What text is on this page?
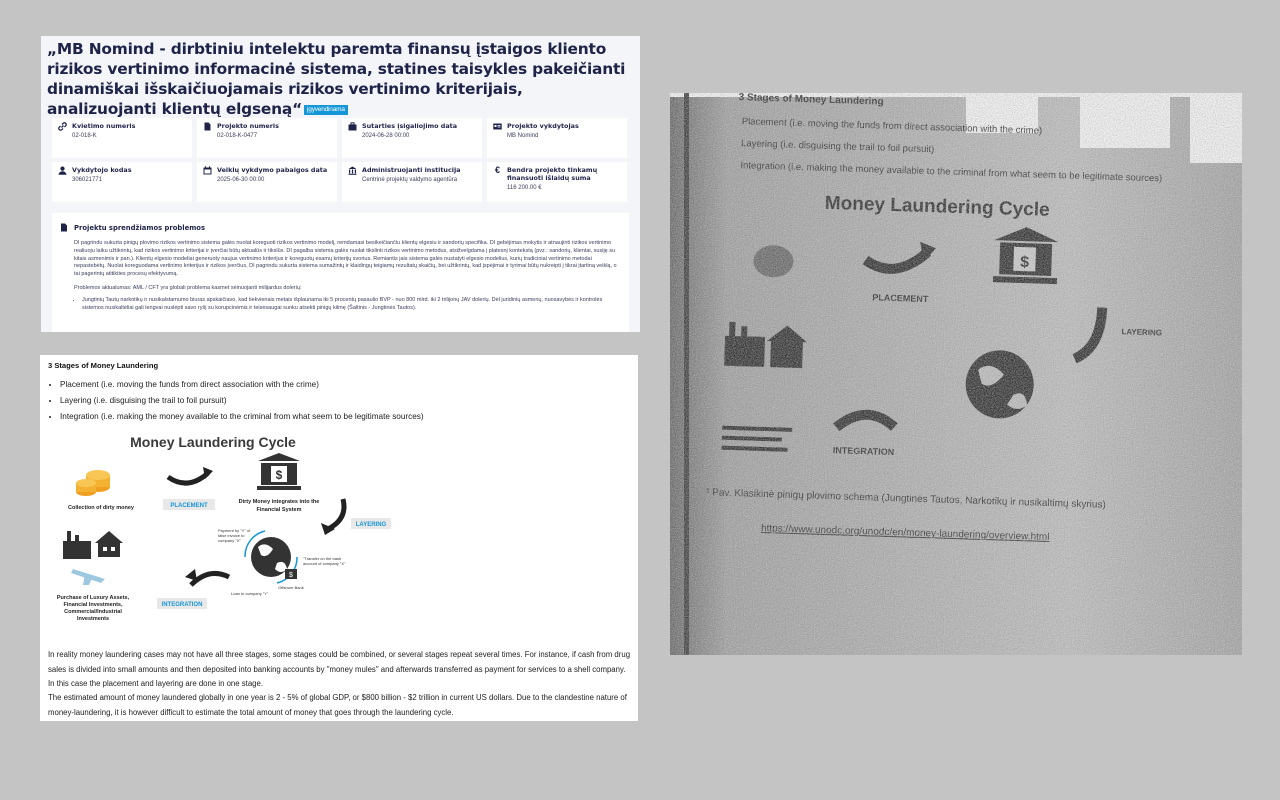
„MB Nomind - dirbtiniu intelektu paremta finansų įstaigos kliento rizikos vertinimo informacinė sistema, statines taisykles pakeičianti dinamiškai išskaičiuojamais rizikos vertinimo kriterijais, analizuojanti klientų elgseną“ įgyvendinama
Kvietimo numeris
02-018-K
Projekto numeris
02-018-K-0477
Sutarties įsigaliojimo data
2024-06-28 00:00
Projekto vykdytojas
MB Nomind
Vykdytojo kodas
306021771
Veiklų vykdymo pabaigos data
2025-06-30 00:00
Administruojanti institucija
Centrinė projektų valdymo agentūra
€	Bendra projekto tinkamų finansuoti išlaidų suma
116 200.00 €
Projektu sprendžiamos problemos

DI pagrindu sukurta pinigų plovimo rizikos vertinimo sistema galės nuolat koreguoti rizikos vertinimo modelį, remdamasi besikeičiančiu klientų elgesiu ir sandorių specifika. DI gebėjimas mokytis ir atnaujinti rizikos vertinimo realiuoju laiku užtikrintų, kad rizikos vertinimo kriterijai ir įverčiai būtų aktualūs ir tikslūs. DI pagalba sistema galės nuolat tikslinti rizikos vertinimo metodus, atsižvelgdama į platesnį kontekstą (pvz.: sandorių, klientai, susiję su kitais asmenimis ir pan.). Klientų elgesio modeliai generuoty naujus vertinimo kriterijus ir koreguotų esamų kriterijų svorius. Remiantis jais sistema galės nustatyti elgesio modelius, kurių tradiciniai vertinimo metodai nepastebėtų. Nuolat koreguodama vertinimo kriterijus ir rizikos įverčius, DI pagrindu sukurta sistema sumažintų ir klaidingų teigiamų rezultatų skaičių, bei užtikrintų, kad įspėjimai ir tyrimai būtų nukreipti į tikrai įtartiną veiklą, o tai pagerintų atitikties procesų efektyvumą.

Problemos aktualumas: AML / CFT yra globali problema kasmet sėinuojanti milijardus dolerių:

• Jungtinių Tautų narkotikų ir nusikalstamumo biuras apskaičiavo, kad tiekvienais metais išplaunama iki 5 procentų pasaulio BVP - nuo 800 mlrd. iki 2 trilijonų JAV dolerių. Dėl juridinių asmenų, nuosavybės ir kontrolės sistemos nusikaltėliai gali lengvai nuslėpti savo ryšį su korupcinėmis ir teisėsaugai sunku atsekti pinigų kilmę (Šaltinis - Jungtinės Tautos).
3 Stages of Money Laundering
• Placement (i.e. moving the funds from direct association with the crime)
• Layering (i.e. disguising the trail to foil pursuit)
• Integration (i.e. making the money available to the criminal from what seem to be legitimate sources)
Money Laundering Cycle
Collection of dirty money	PLACEMENT
$
Dirty Money integrates into the
Financial System
LAYERING
$
Payment by "Y" of
false invoice to
company "X"
"Transfer on the bank
account of company "X"
Loan to company "Y"
Offshore Bank
INTEGRATION
Purchase of Luxury Assets,
Financial Investments,
Commercial/Industrial
Investments

In reality money laundering cases may not have all three stages, some stages could be combined, or several stages repeat several times. For instance, if cash from drug sales is divided into small amounts and then deposited into banking accounts by "money mules" and afterwards transferred as payment for services to a shell company. In this case the placement and layering are done in one stage.

The estimated amount of money laundered globally in one year is 2 - 5% of global GDP, or $800 billion - $2 trillion in current US dollars. Due to the clandestine nature of money-laundering, it is however difficult to estimate the total amount of money that goes through the laundering cycle.
